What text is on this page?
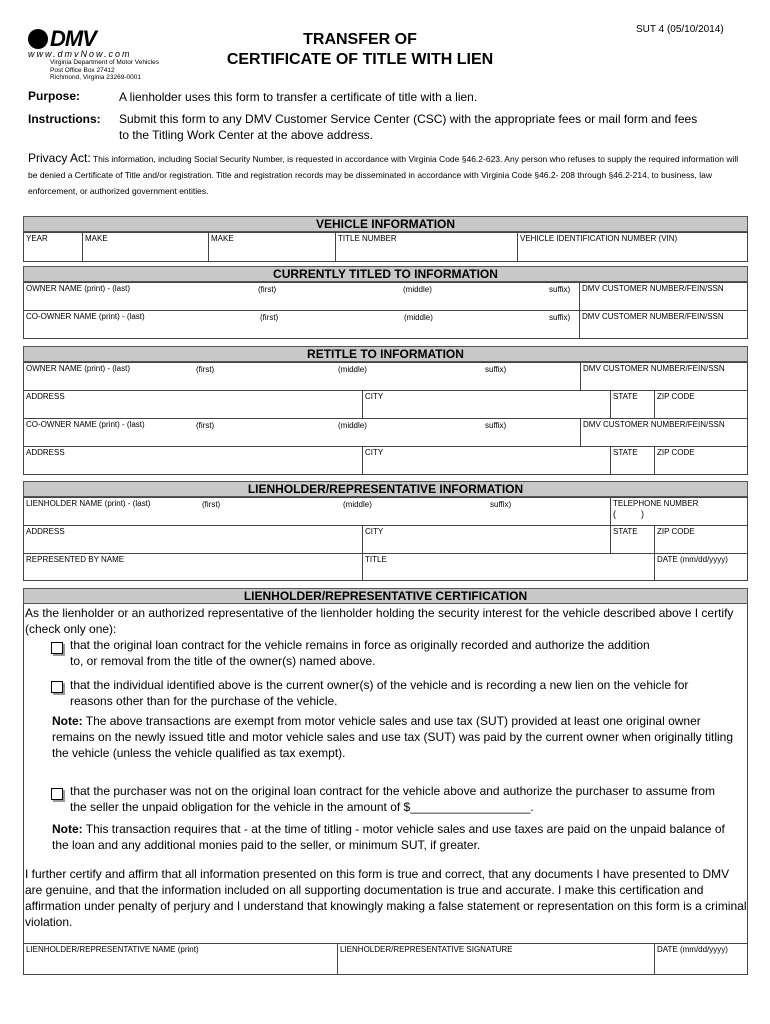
SUT 4 (05/10/2014)
DMV
www.dmvNow.com
Virginia Department of Motor Vehicles
Post Office Box 27412
Richmond, Virginia 23269-0001
TRANSFER OF
CERTIFICATE OF TITLE WITH LIEN
Purpose:	A lienholder uses this form to transfer a certificate of title with a lien.
Instructions: Submit this form to any DMV Customer Service Center (CSC) with the appropriate fees or mail form and fees
to the Titling Work Center at the above address.
Privacy Act: This information, including Social Security Number, is requested in accordance with Virginia Code §46.2-623. Any person who refuses to supply the required information will be denied a Certificate of Title and/or registration. Title and registration records may be disseminated in accordance with Virginia Code §46.2- 208 through §46.2-214, to business, law enforcement, or authorized government entities.
VEHICLE INFORMATION
YEAR	MAKE	MAKE	TITLE NUMBER	VEHICLE IDENTIFICATION NUMBER (VIN)
CURRENTLY TITLED TO INFORMATION
OWNER NAME (print) - (last)	(first)	(middle)	suffix)	DMV CUSTOMER NUMBER/FEIN/SSN
CO-OWNER NAME (print) - (last)	(first)	(middle)	suffix)	DMV CUSTOMER NUMBER/FEIN/SSN
RETITLE TO INFORMATION
OWNER NAME (print) - (last)	(first)	(middle)	suffix)	DMV CUSTOMER NUMBER/FEIN/SSN
ADDRESS	CITY	STATE	ZIP CODE
CO-OWNER NAME (print) - (last)	(first)	(middle)	suffix)	DMV CUSTOMER NUMBER/FEIN/SSN
ADDRESS	CITY	STATE	ZIP CODE
LIENHOLDER/REPRESENTATIVE INFORMATION
LIENHOLDER NAME (print) - (last)	(first)	(middle)	suffix)	TELEPHONE NUMBER
(          )
ADDRESS	CITY	STATE	ZIP CODE
REPRESENTED BY NAME	TITLE	DATE (mm/dd/yyyy)
LIENHOLDER/REPRESENTATIVE CERTIFICATION
As the lienholder or an authorized representative of the lienholder holding the security interest for the vehicle described above I certify (check only one):
that the original loan contract for the vehicle remains in force as originally recorded and authorize the addition to, or removal from the title of the owner(s) named above.
that the individual identified above is the current owner(s) of the vehicle and is recording a new lien on the vehicle for reasons other than for the purchase of the vehicle.
Note: The above transactions are exempt from motor vehicle sales and use tax (SUT) provided at least one original owner remains on the newly issued title and motor vehicle sales and use tax (SUT) was paid by the current owner when originally titling the vehicle (unless the vehicle qualified as tax exempt).
that the purchaser was not on the original loan contract for the vehicle above and authorize the purchaser to assume from the seller the unpaid obligation for the vehicle in the amount of $__________________.
Note: This transaction requires that - at the time of titling - motor vehicle sales and use taxes are paid on the unpaid balance of the loan and any additional monies paid to the seller, or minimum SUT, if greater.
I further certify and affirm that all information presented on this form is true and correct, that any documents I have presented to DMV are genuine, and that the information included on all supporting documentation is true and accurate. I make this certification and affirmation under penalty of perjury and I understand that knowingly making a false statement or representation on this form is a criminal violation.
LIENHOLDER/REPRESENTATIVE NAME (print)	LIENHOLDER/REPRESENTATIVE SIGNATURE	DATE (mm/dd/yyyy)
